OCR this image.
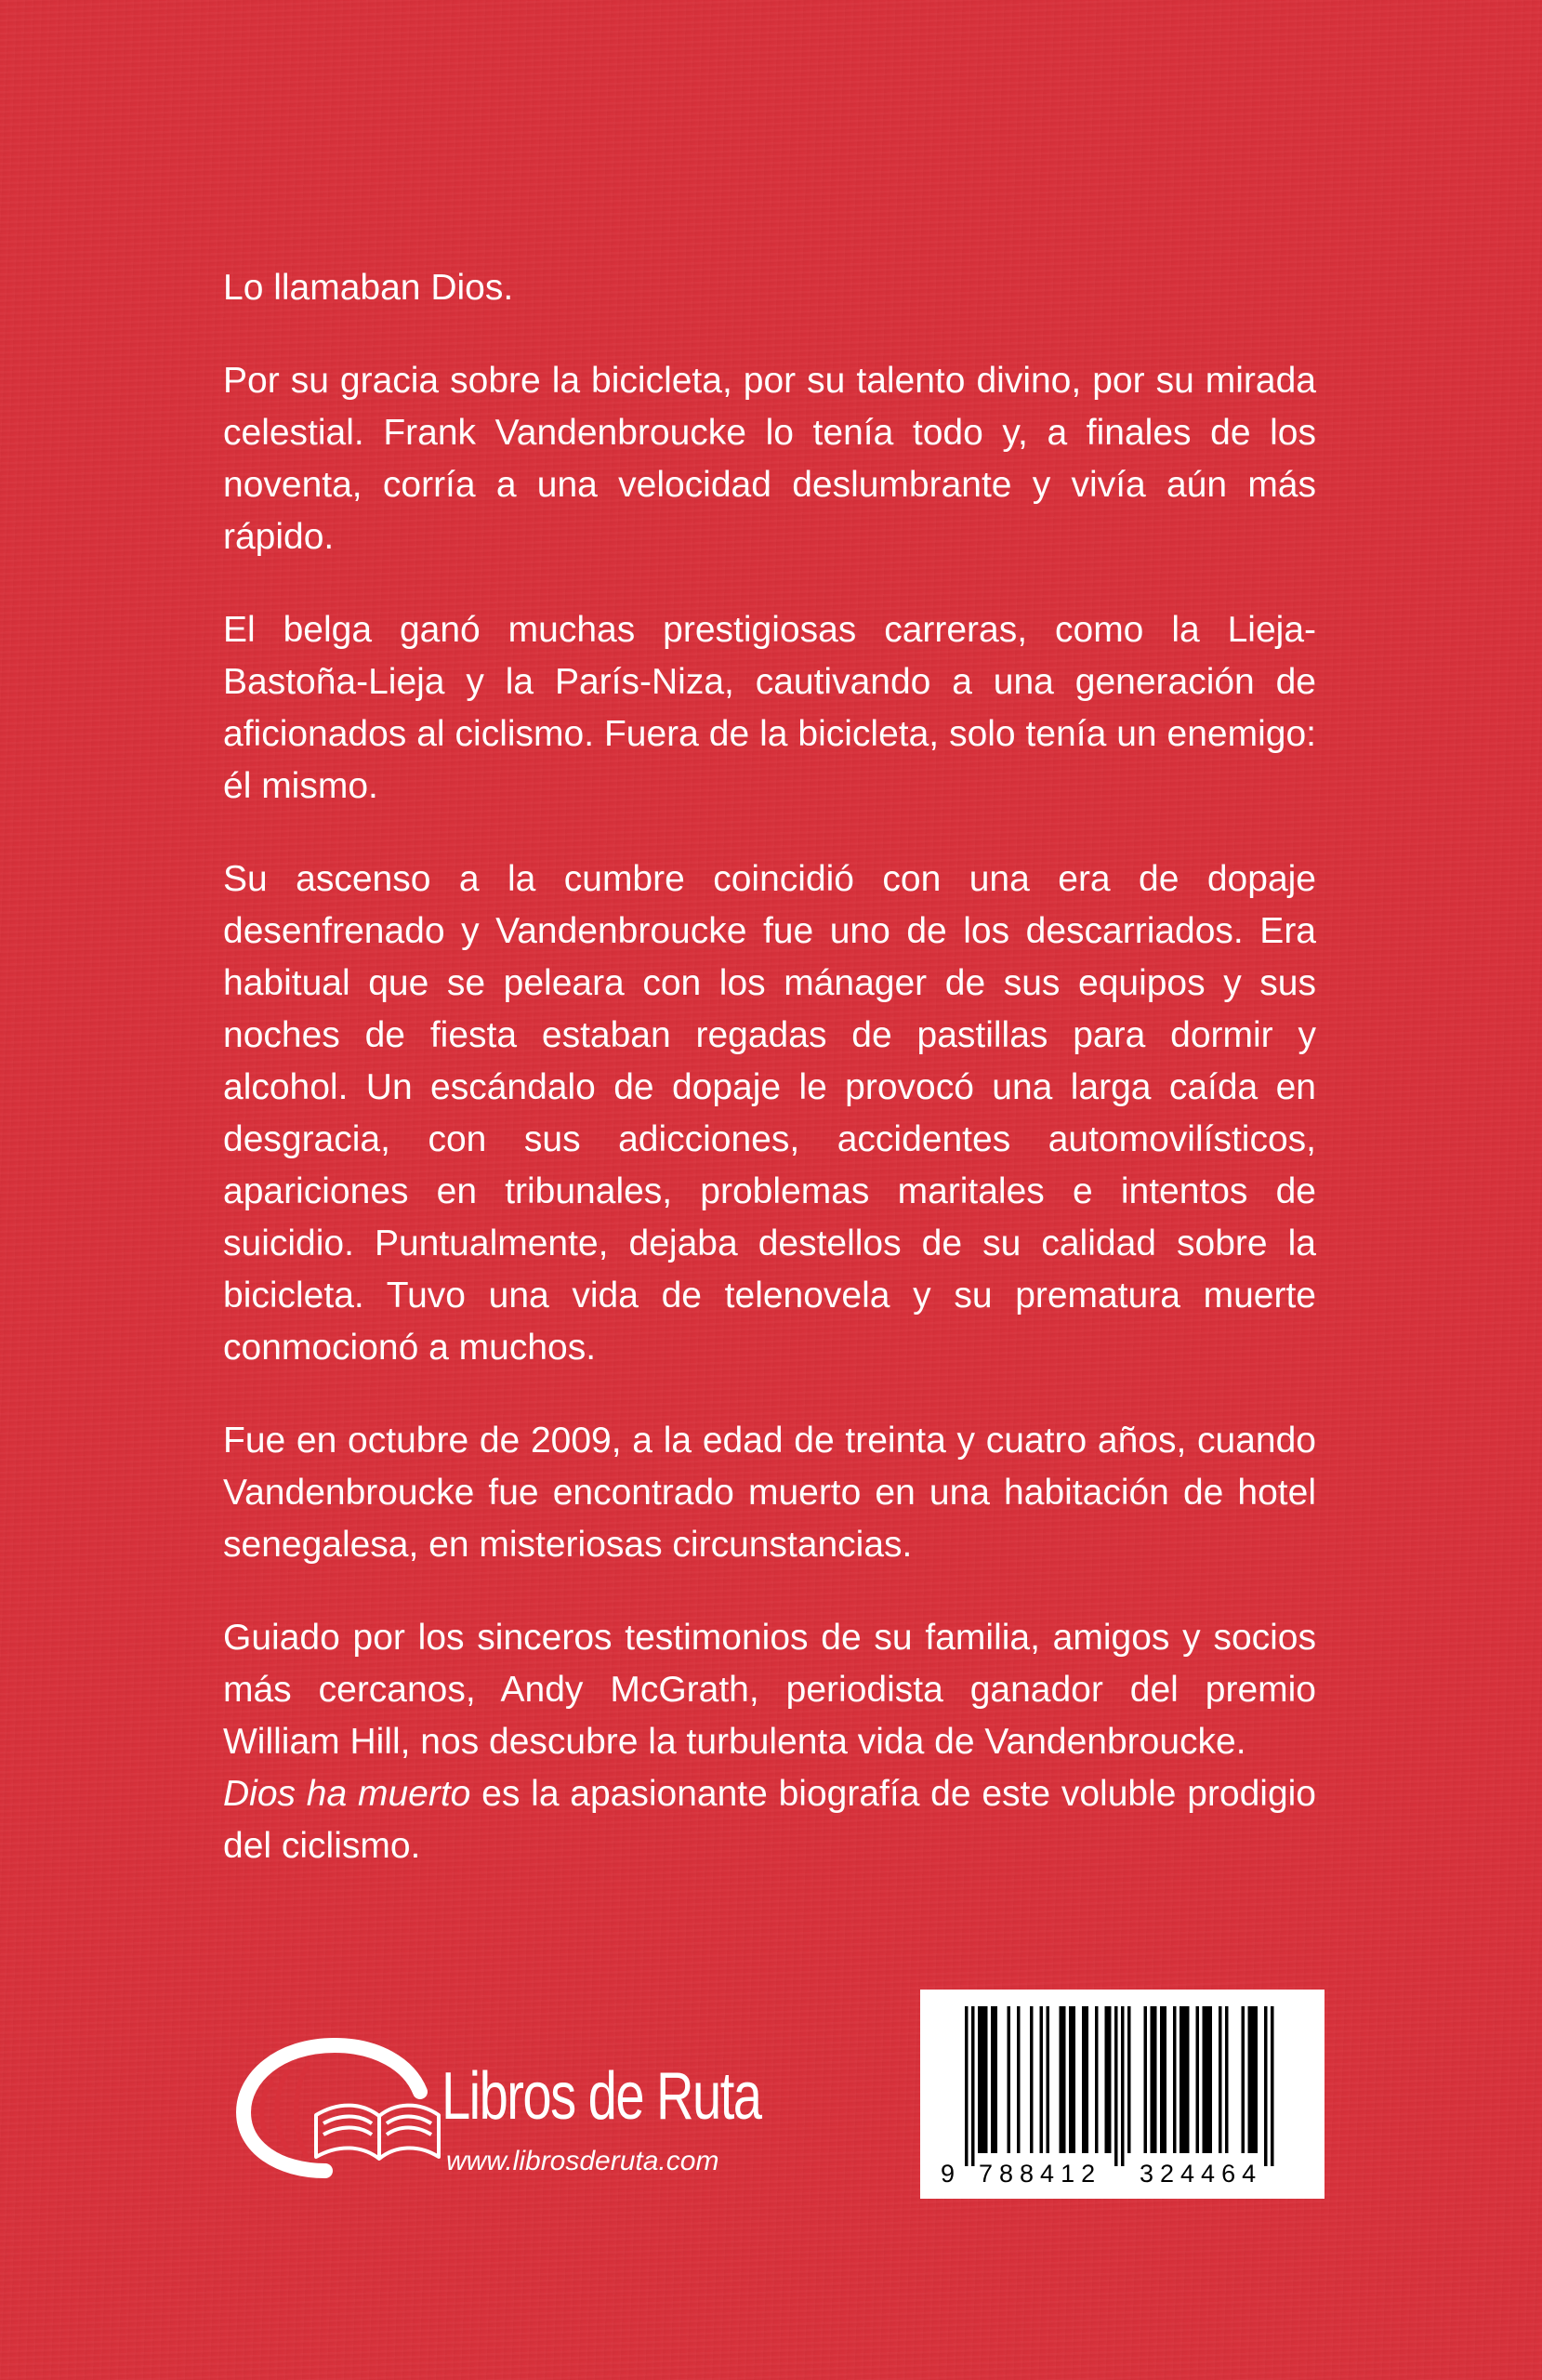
Lo llamaban Dios.

Por su gracia sobre la bicicleta, por su talento divino, por su mirada celestial. Frank Vandenbroucke lo tenía todo y, a finales de los noventa, corría a una velocidad deslumbrante y vivía aún más rápido.

El belga ganó muchas prestigiosas carreras, como la Lieja-Bastoña-Lieja y la París-Niza, cautivando a una generación de aficionados al ciclismo. Fuera de la bicicleta, solo tenía un enemigo: él mismo.

Su ascenso a la cumbre coincidió con una era de dopaje desenfrenado y Vandenbroucke fue uno de los descarriados. Era habitual que se peleara con los mánager de sus equipos y sus noches de fiesta estaban regadas de pastillas para dormir y alcohol. Un escándalo de dopaje le provocó una larga caída en desgracia, con sus adicciones, accidentes automovilísticos, apariciones en tribunales, problemas maritales e intentos de suicidio. Puntualmente, dejaba destellos de su calidad sobre la bicicleta. Tuvo una vida de telenovela y su prematura muerte conmocionó a muchos.

Fue en octubre de 2009, a la edad de treinta y cuatro años, cuando Vandenbroucke fue encontrado muerto en una habitación de hotel senegalesa, en misteriosas circunstancias.

Guiado por los sinceros testimonios de su familia, amigos y socios más cercanos, Andy McGrath, periodista ganador del premio William Hill, nos descubre la turbulenta vida de Vandenbroucke.
Dios ha muerto es la apasionante biografía de este voluble prodigio del ciclismo.

Libros de Ruta
www.librosderuta.com	9 788412 324464
